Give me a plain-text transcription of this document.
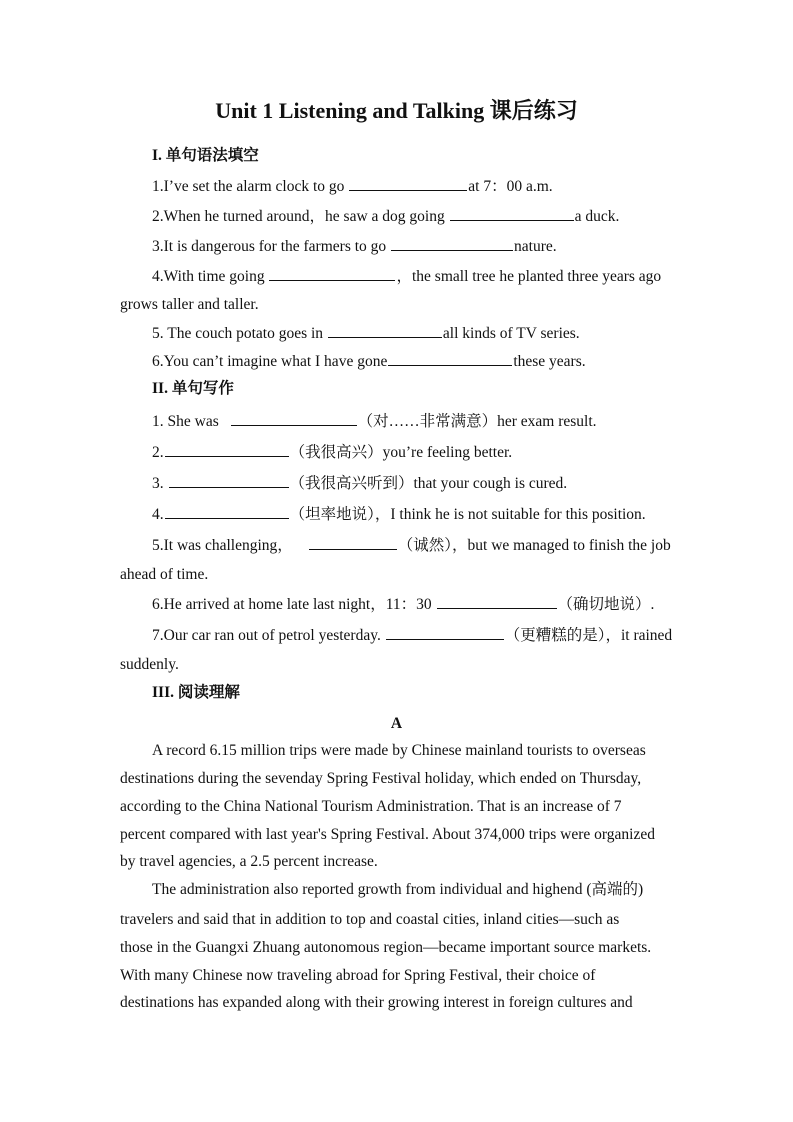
Unit 1 Listening and Talking 课后练习
I. 单句语法填空
1.I’ve set the alarm clock to go	at 7：00 a.m.
2.When he turned around，he saw a dog going	a duck.
3.It is dangerous for the farmers to go	nature.
4.With time going	，the small tree he planted three years ago
grows taller and taller.
5. The couch potato goes in	all kinds of TV series.
6.You can’t imagine what I have gone	these years.
II. 单句写作
1. She was	（对……非常满意）her exam result.
2.	（我很高兴）you’re feeling better.
3.	（我很高兴听到）that your cough is cured.
4.	（坦率地说），I think he is not suitable for this position.
5.It was challenging，	（诚然），but we managed to finish the job
ahead of time.
6.He arrived at home late last night，11：30	（确切地说）.
7.Our car ran out of petrol yesterday.	（更糟糕的是），it rained
suddenly.
III. 阅读理解
A
A record 6.15 million trips were made by Chinese mainland tourists to overseas
destinations during the sevenday Spring Festival holiday, which ended on Thursday,
according to the China National Tourism Administration. That is an increase of 7
percent compared with last year's Spring Festival. About 374,000 trips were organized
by travel agencies, a 2.5 percent increase.
The administration also reported growth from individual and highend (高端的)
travelers and said that in addition to top and coastal cities, inland cities—such as
those in the Guangxi Zhuang autonomous region—became important source markets.
With many Chinese now traveling abroad for Spring Festival, their choice of
destinations has expanded along with their growing interest in foreign cultures and
